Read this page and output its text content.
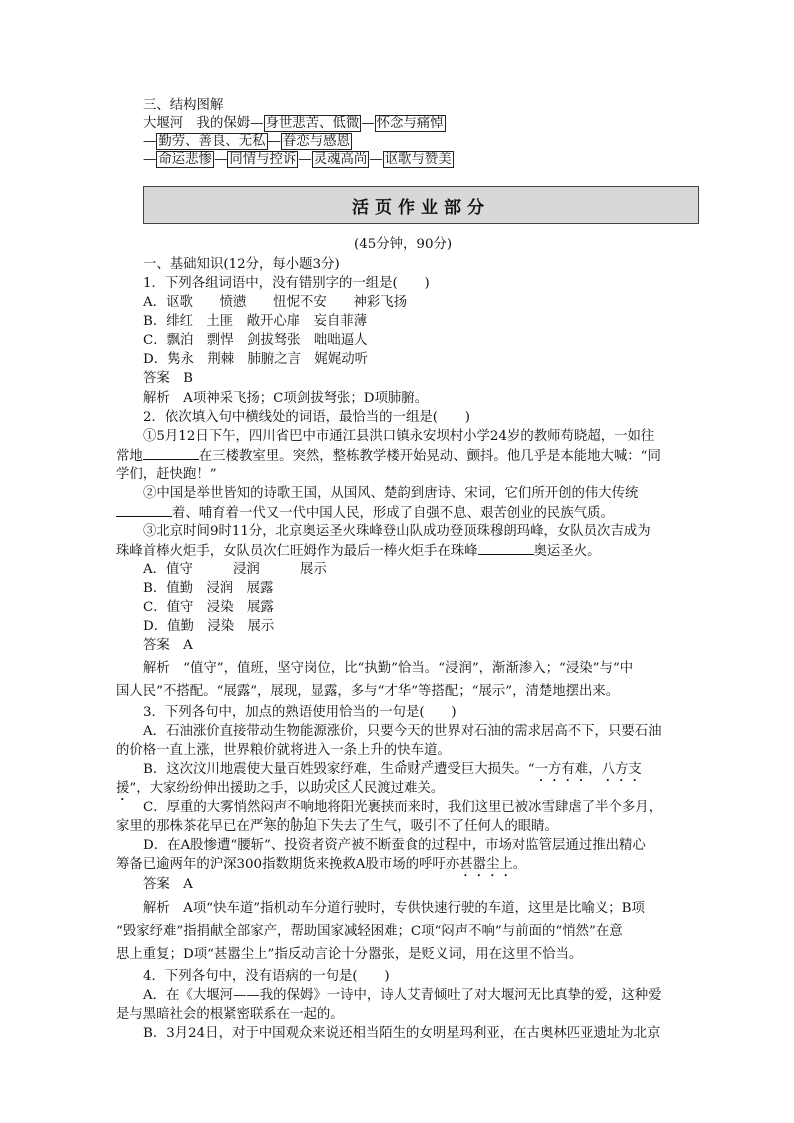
三、结构图解
大堰河　我的保姆— 身世悲苦、低微 — 怀念与痛悼
— 勤劳、善良、无私 — 眷恋与感恩
— 命运悲惨 — 同情与控诉 — 灵魂高尚 — 讴歌与赞美
活页作业部分
(45分钟，90分)
一、基础知识(12分，每小题3分)
1．下列各组词语中，没有错别字的一组是(　　)
A．讴歌　　愤懑　　忸怩不安　　神彩飞扬
B．绯红　土匪　敞开心扉　妄自菲薄
C．飘泊　剽悍　剑拔驽张　咄咄逼人
D．隽永　荆棘　肺腑之言　娓娓动听
答案　B
解析　A项神采飞扬；C项剑拔弩张；D项肺腑。
2．依次填入句中横线处的词语，最恰当的一组是(　　)
①5月12日下午，四川省巴中市通江县洪口镇永安坝村小学24岁的教师苟晓超，一如往
常地	在三楼教室里。突然，整栋教学楼开始晃动、颤抖。他几乎是本能地大喊：“同
学们，赶快跑！”
②中国是举世皆知的诗歌王国，从国风、楚韵到唐诗、宋词，它们所开创的伟大传统
着、哺育着一代又一代中国人民，形成了自强不息、艰苦创业的民族气质。
③北京时间9时11分，北京奥运圣火珠峰登山队成功登顶珠穆朗玛峰，女队员次吉成为
珠峰首棒火炬手，女队员次仁旺姆作为最后一棒火炬手在珠峰	奥运圣火。
A．值守　　　浸润　　　展示
B．值勤　浸润　展露
C．值守　浸染　展露
D．值勤　浸染　展示
答案　A
解析　“值守”，值班，坚守岗位，比“执勤”恰当。“浸润”，渐渐渗入；“浸染”与“中
国人民”不搭配。“展露”，展现，显露，多与“才华”等搭配；“展示”，清楚地摆出来。
3．下列各句中，加点的熟语使用恰当的一句是(　　)
A．石油涨价直接带动生物能源涨价，只要今天的世界对石油的需求居高不下，只要石油
的价格一直上涨，世界粮价就将进入一条上升的快车道。
B．这次汶川地震使大量百姓毁家纾难，生命财产遭受巨大损失。“一方有难，八方支
援”，大家纷纷伸出援助之手，以助灾区人民渡过难关。
C．厚重的大雾悄然闷声不响地将阳光裹挟而来时，我们这里已被冰雪肆虐了半个多月，
家里的那株茶花早已在严寒的胁迫下失去了生气，吸引不了任何人的眼睛。
D．在A股惨遭“腰斩”、投资者资产被不断蚕食的过程中，市场对监管层通过推出精心
筹备已逾两年的沪深300指数期货来挽救A股市场的呼吁亦甚嚣尘上。
答案　A
解析　A项“快车道”指机动车分道行驶时，专供快速行驶的车道，这里是比喻义；B项
“毁家纾难”指捐献全部家产，帮助国家减轻困难；C项“闷声不响”与前面的“悄然”在意
思上重复；D项“甚嚣尘上”指反动言论十分嚣张，是贬义词，用在这里不恰当。
4．下列各句中，没有语病的一句是(　　)
A．在《大堰河——我的保姆》一诗中，诗人艾青倾吐了对大堰河无比真挚的爱，这种爱
是与黑暗社会的根紧密联系在一起的。
B．3月24日，对于中国观众来说还相当陌生的女明星玛利亚，在古奥林匹亚遗址为北京
